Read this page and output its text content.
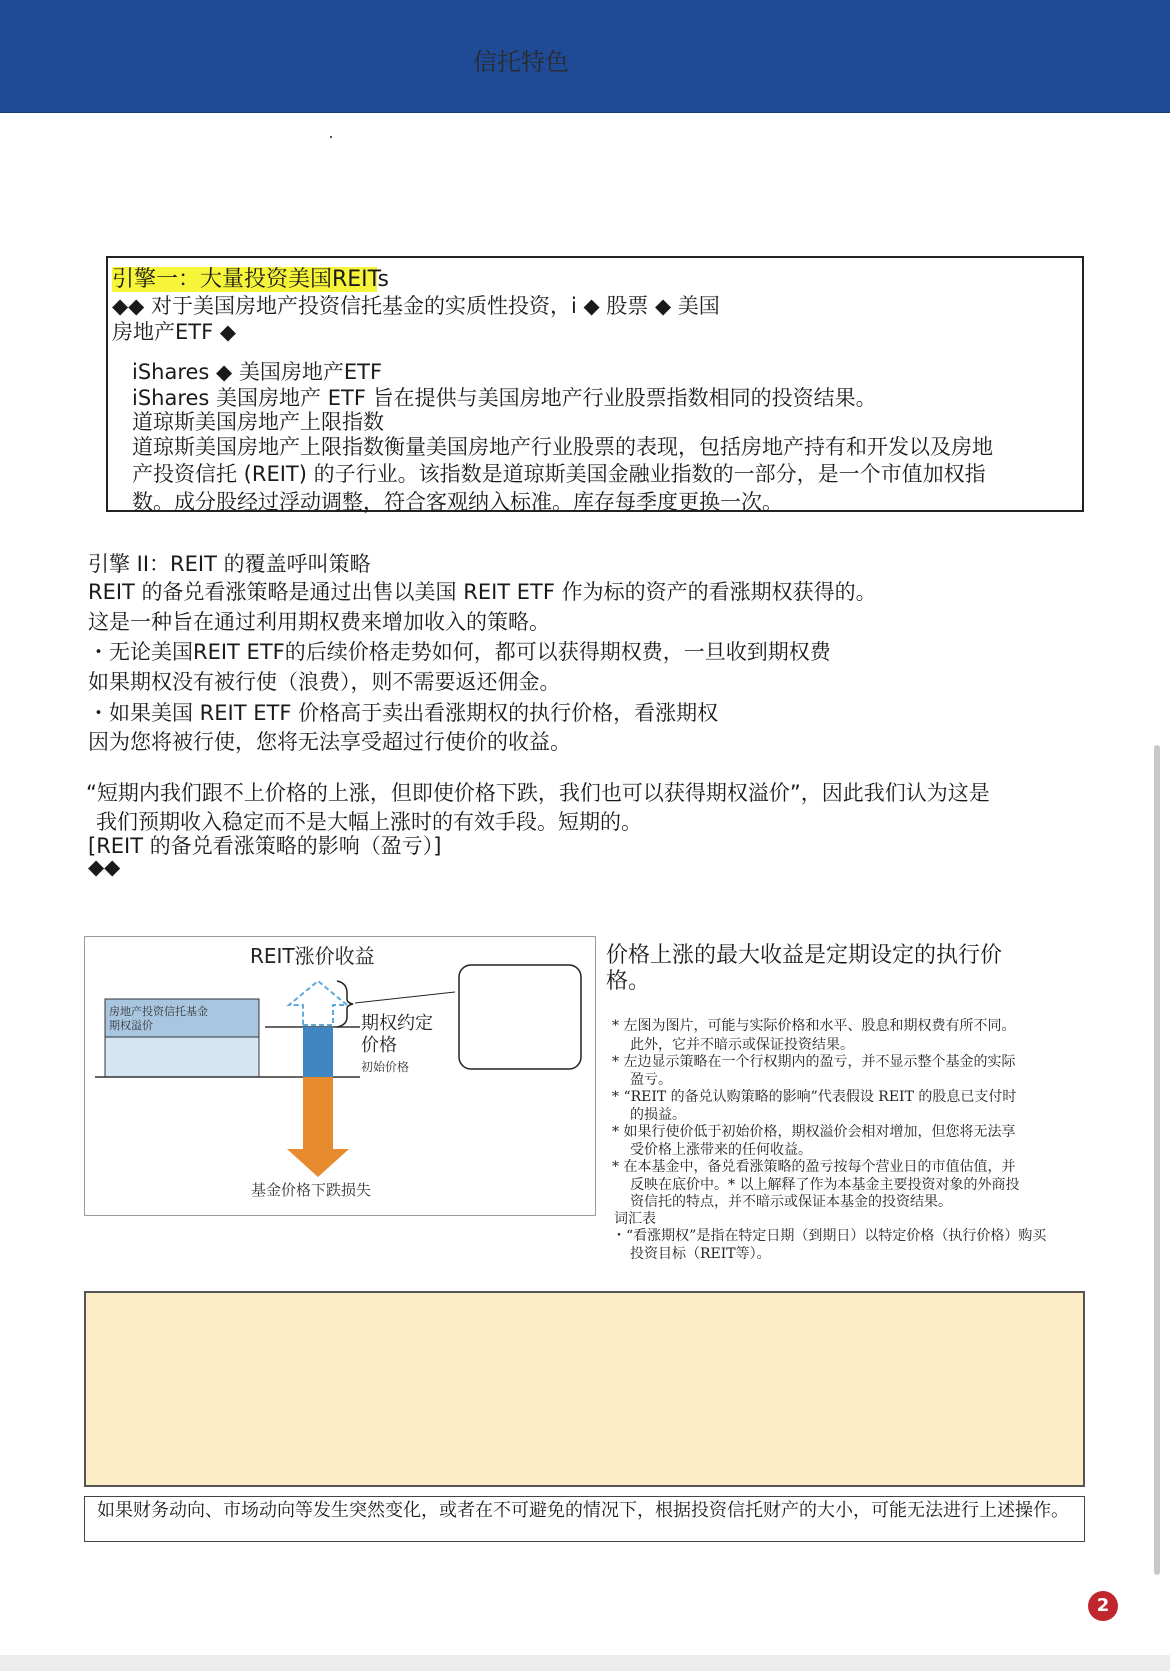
信托特色
引擎一：大量投资美国REITs
◆◆ 对于美国房地产投资信托基金的实质性投资，i ◆ 股票 ◆ 美国
房地产ETF ◆
iShares ◆ 美国房地产ETF
iShares 美国房地产 ETF 旨在提供与美国房地产行业股票指数相同的投资结果。
道琼斯美国房地产上限指数
道琼斯美国房地产上限指数衡量美国房地产行业股票的表现，包括房地产持有和开发以及房地
产投资信托 (REIT) 的子行业。该指数是道琼斯美国金融业指数的一部分，是一个市值加权指
数。成分股经过浮动调整，符合客观纳入标准。库存每季度更换一次。
引擎 II：REIT 的覆盖呼叫策略
REIT 的备兑看涨策略是通过出售以美国 REIT ETF 作为标的资产的看涨期权获得的。
这是一种旨在通过利用期权费来增加收入的策略。
・无论美国REIT ETF的后续价格走势如何，都可以获得期权费，一旦收到期权费
如果期权没有被行使（浪费），则不需要返还佣金。
・如果美国 REIT ETF 价格高于卖出看涨期权的执行价格，看涨期权
因为您将被行使，您将无法享受超过行使价的收益。
“短期内我们跟不上价格的上涨，但即使价格下跌，我们也可以获得期权溢价”，因此我们认为这是
我们预期收入稳定而不是大幅上涨时的有效手段。短期的。
[REIT 的备兑看涨策略的影响（盈亏）]
◆◆
REIT涨价收益
房地产投资信托基金
期权溢价	期权约定
价格
初始价格
基金价格下跌损失
价格上涨的最大收益是定期设定的执行价
格。
* 左图为图片，可能与实际价格和水平、股息和期权费有所不同。
此外，它并不暗示或保证投资结果。
* 左边显示策略在一个行权期内的盈亏，并不显示整个基金的实际
盈亏。
* “REIT 的备兑认购策略的影响”代表假设 REIT 的股息已支付时
的损益。
* 如果行使价低于初始价格，期权溢价会相对增加，但您将无法享
受价格上涨带来的任何收益。
* 在本基金中，备兑看涨策略的盈亏按每个营业日的市值估值，并
反映在底价中。* 以上解释了作为本基金主要投资对象的外商投
资信托的特点，并不暗示或保证本基金的投资结果。
词汇表
・“看涨期权”是指在特定日期（到期日）以特定价格（执行价格）购买
投资目标（REIT等）。
如果财务动向、市场动向等发生突然变化，或者在不可避免的情况下，根据投资信托财产的大小，可能无法进行上述操作。
2
